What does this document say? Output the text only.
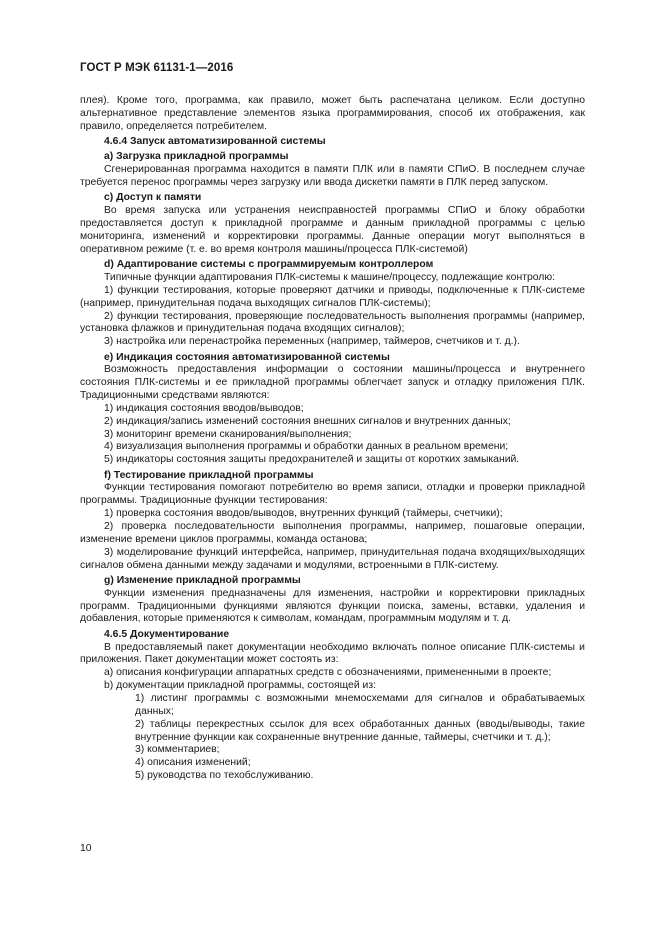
ГОСТ Р МЭК 61131-1—2016

плея). Кроме того, программа, как правило, может быть распечатана целиком. Если доступно альтернативное представление элементов языка программирования, способ их отображения, как правило, определяется потребителем.

4.6.4 Запуск автоматизированной системы

а) Загрузка прикладной программы

Сгенерированная программа находится в памяти ПЛК или в памяти СПиО. В последнем случае требуется перенос программы через загрузку или ввода дискетки памяти в ПЛК перед запуском.

c) Доступ к памяти

Во время запуска или устранения неисправностей программы СПиО и блоку обработки предоставляется доступ к прикладной программе и данным прикладной программы с целью мониторинга, изменений и корректировки программы. Данные операции могут выполняться в оперативном режиме (т. е. во время контроля машины/процесса ПЛК-системой)

d) Адаптирование системы с программируемым контроллером

Типичные функции адаптирования ПЛК-системы к машине/процессу, подлежащие контролю:

1) функции тестирования, которые проверяют датчики и приводы, подключенные к ПЛК-системе (например, принудительная подача выходящих сигналов ПЛК-системы);

2) функции тестирования, проверяющие последовательность выполнения программы (например, установка флажков и принудительная подача входящих сигналов);

3) настройка или перенастройка переменных (например, таймеров, счетчиков и т. д.).

e) Индикация состояния автоматизированной системы

Возможность предоставления информации о состоянии машины/процесса и внутреннего состояния ПЛК-системы и ее прикладной программы облегчает запуск и отладку приложения ПЛК. Традиционными средствами являются:

1) индикация состояния вводов/выводов;

2) индикация/запись изменений состояния внешних сигналов и внутренних данных;

3) мониторинг времени сканирования/выполнения;

4) визуализация выполнения программы и обработки данных в реальном времени;

5) индикаторы состояния защиты предохранителей и защиты от коротких замыканий.

f) Тестирование прикладной программы

Функции тестирования помогают потребителю во время записи, отладки и проверки прикладной программы. Традиционные функции тестирования:

1) проверка состояния вводов/выводов, внутренних функций (таймеры, счетчики);

2) проверка последовательности выполнения программы, например, пошаговые операции, изменение времени циклов программы, команда останова;

3) моделирование функций интерфейса, например, принудительная подача входящих/выходящих сигналов обмена данными между задачами и модулями, встроенными в ПЛК-систему.

g) Изменение прикладной программы

Функции изменения предназначены для изменения, настройки и корректировки прикладных программ. Традиционными функциями являются функции поиска, замены, вставки, удаления и добавления, которые применяются к символам, командам, программным модулям и т. д.

4.6.5 Документирование

В предоставляемый пакет документации необходимо включать полное описание ПЛК-системы и приложения. Пакет документации может состоять из:

a) описания конфигурации аппаратных средств с обозначениями, примененными в проекте;

b) документации прикладной программы, состоящей из:

1) листинг программы с возможными мнемосхемами для сигналов и обрабатываемых данных;

2) таблицы перекрестных ссылок для всех обработанных данных (вводы/выводы, такие внутренние функции как сохраненные внутренние данные, таймеры, счетчики и т. д.);

3) комментариев;

4) описания изменений;

5) руководства по техобслуживанию.

10
